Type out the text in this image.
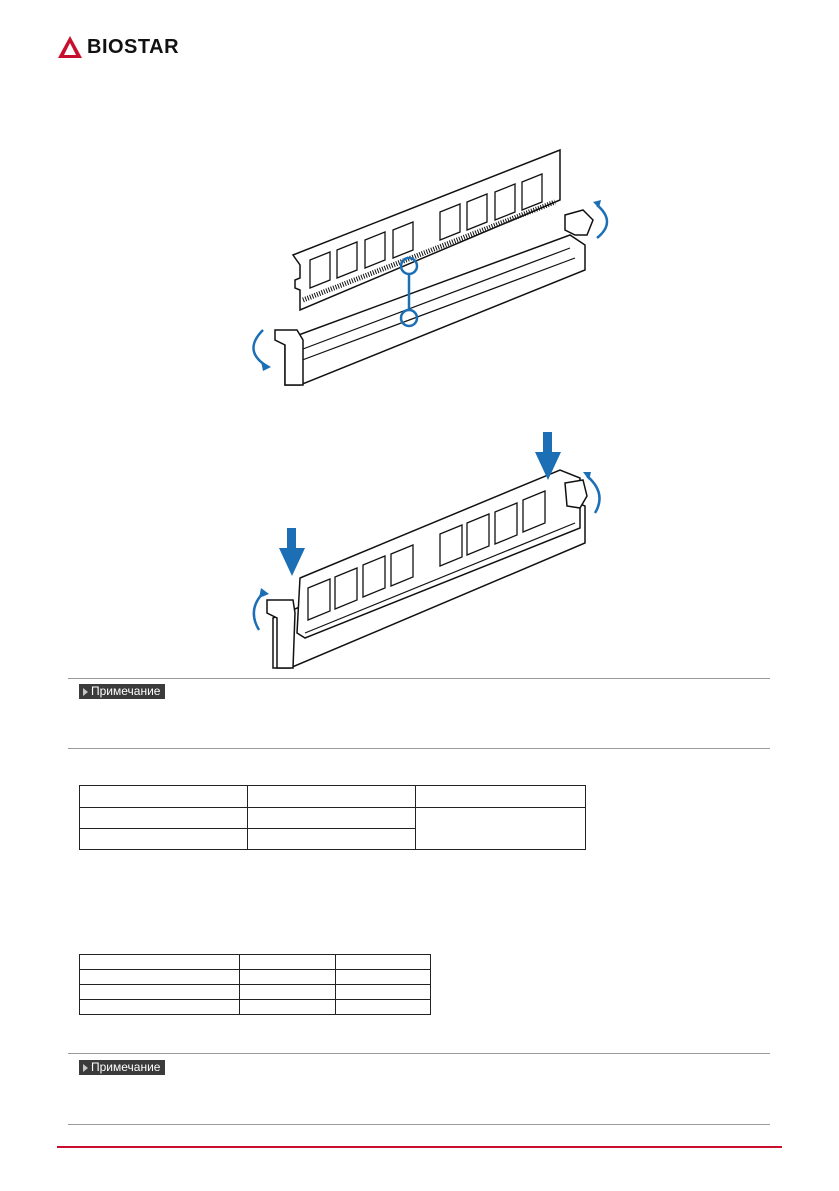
BIOSTAR
Примечание

Примечание
